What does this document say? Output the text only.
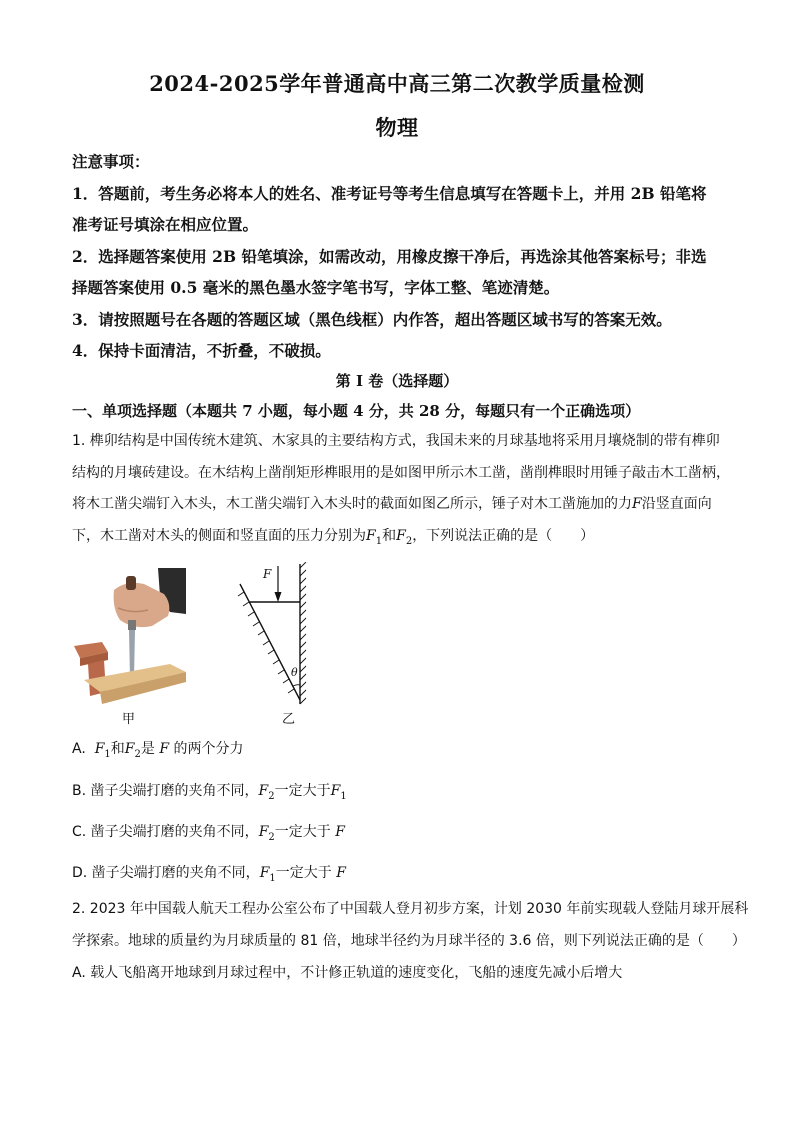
2024-2025学年普通高中高三第二次教学质量检测
物理
注意事项：
1．答题前，考生务必将本人的姓名、准考证号等考生信息填写在答题卡上，并用 2B 铅笔将
准考证号填涂在相应位置。
2．选择题答案使用 2B 铅笔填涂，如需改动，用橡皮擦干净后，再选涂其他答案标号；非选
择题答案使用 0.5 毫米的黑色墨水签字笔书写，字体工整、笔迹清楚。
3．请按照题号在各题的答题区域（黑色线框）内作答，超出答题区域书写的答案无效。
4．保持卡面清洁，不折叠，不破损。
第 I 卷（选择题）
一、单项选择题（本题共 7 小题，每小题 4 分，共 28 分，每题只有一个正确选项）
1. 榫卯结构是中国传统木建筑、木家具的主要结构方式，我国未来的月球基地将采用月壤烧制的带有榫卯
结构的月壤砖建设。在木结构上凿削矩形榫眼用的是如图甲所示木工凿，凿削榫眼时用锤子敲击木工凿柄，
将木工凿尖端钉入木头，木工凿尖端钉入木头时的截面如图乙所示，锤子对木工凿施加的力F沿竖直面向
下，木工凿对木头的侧面和竖直面的压力分别为$F_1$和$F_2$，下列说法正确的是（　　）
甲
F
θ
乙
A. $F_1$和$F_2$是 F 的两个分力
B. 凿子尖端打磨的夹角不同，$F_2$一定大于$F_1$
C. 凿子尖端打磨的夹角不同，$F_2$一定大于 F
D. 凿子尖端打磨的夹角不同，$F_1$一定大于 F
2. 2023 年中国载人航天工程办公室公布了中国载人登月初步方案，计划 2030 年前实现载人登陆月球开展科
学探索。地球的质量约为月球质量的 81 倍，地球半径约为月球半径的 3.6 倍，则下列说法正确的是（　　）
A. 载人飞船离开地球到月球过程中，不计修正轨道的速度变化，飞船的速度先减小后增大
